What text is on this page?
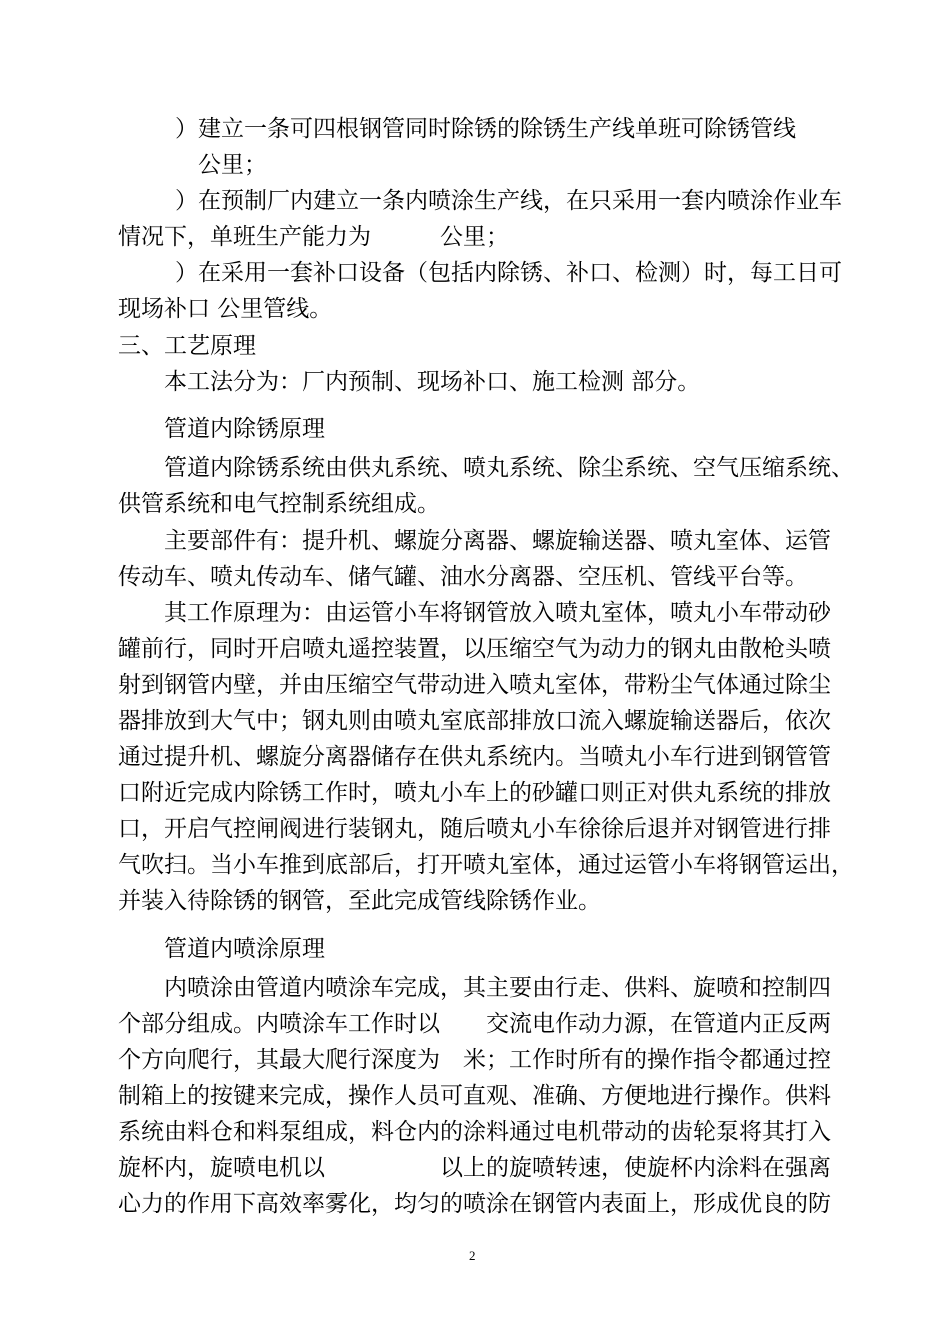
）建立一条可四根钢管同时除锈的除锈生产线单班可除锈管线
公里；
）在预制厂内建立一条内喷涂生产线，在只采用一套内喷涂作业车
情况下，单班生产能力为　　　公里；
）在采用一套补口设备（包括内除锈、补口、检测）时，每工日可
现场补口 公里管线。
三、工艺原理
本工法分为：厂内预制、现场补口、施工检测 部分。
管道内除锈原理
管道内除锈系统由供丸系统、喷丸系统、除尘系统、空气压缩系统、
供管系统和电气控制系统组成。
主要部件有：提升机、螺旋分离器、螺旋输送器、喷丸室体、运管
传动车、喷丸传动车、储气罐、油水分离器、空压机、管线平台等。
其工作原理为：由运管小车将钢管放入喷丸室体，喷丸小车带动砂
罐前行，同时开启喷丸遥控装置，以压缩空气为动力的钢丸由散枪头喷
射到钢管内壁，并由压缩空气带动进入喷丸室体，带粉尘气体通过除尘
器排放到大气中；钢丸则由喷丸室底部排放口流入螺旋输送器后，依次
通过提升机、螺旋分离器储存在供丸系统内。当喷丸小车行进到钢管管
口附近完成内除锈工作时，喷丸小车上的砂罐口则正对供丸系统的排放
口，开启气控闸阀进行装钢丸，随后喷丸小车徐徐后退并对钢管进行排
气吹扫。当小车推到底部后，打开喷丸室体，通过运管小车将钢管运出，
并装入待除锈的钢管，至此完成管线除锈作业。
管道内喷涂原理
内喷涂由管道内喷涂车完成，其主要由行走、供料、旋喷和控制四
个部分组成。内喷涂车工作时以　　交流电作动力源，在管道内正反两
个方向爬行，其最大爬行深度为　米；工作时所有的操作指令都通过控
制箱上的按键来完成，操作人员可直观、准确、方便地进行操作。供料
系统由料仓和料泵组成，料仓内的涂料通过电机带动的齿轮泵将其打入
旋杯内，旋喷电机以　　　　　以上的旋喷转速，使旋杯内涂料在强离
心力的作用下高效率雾化，均匀的喷涂在钢管内表面上，形成优良的防
2
